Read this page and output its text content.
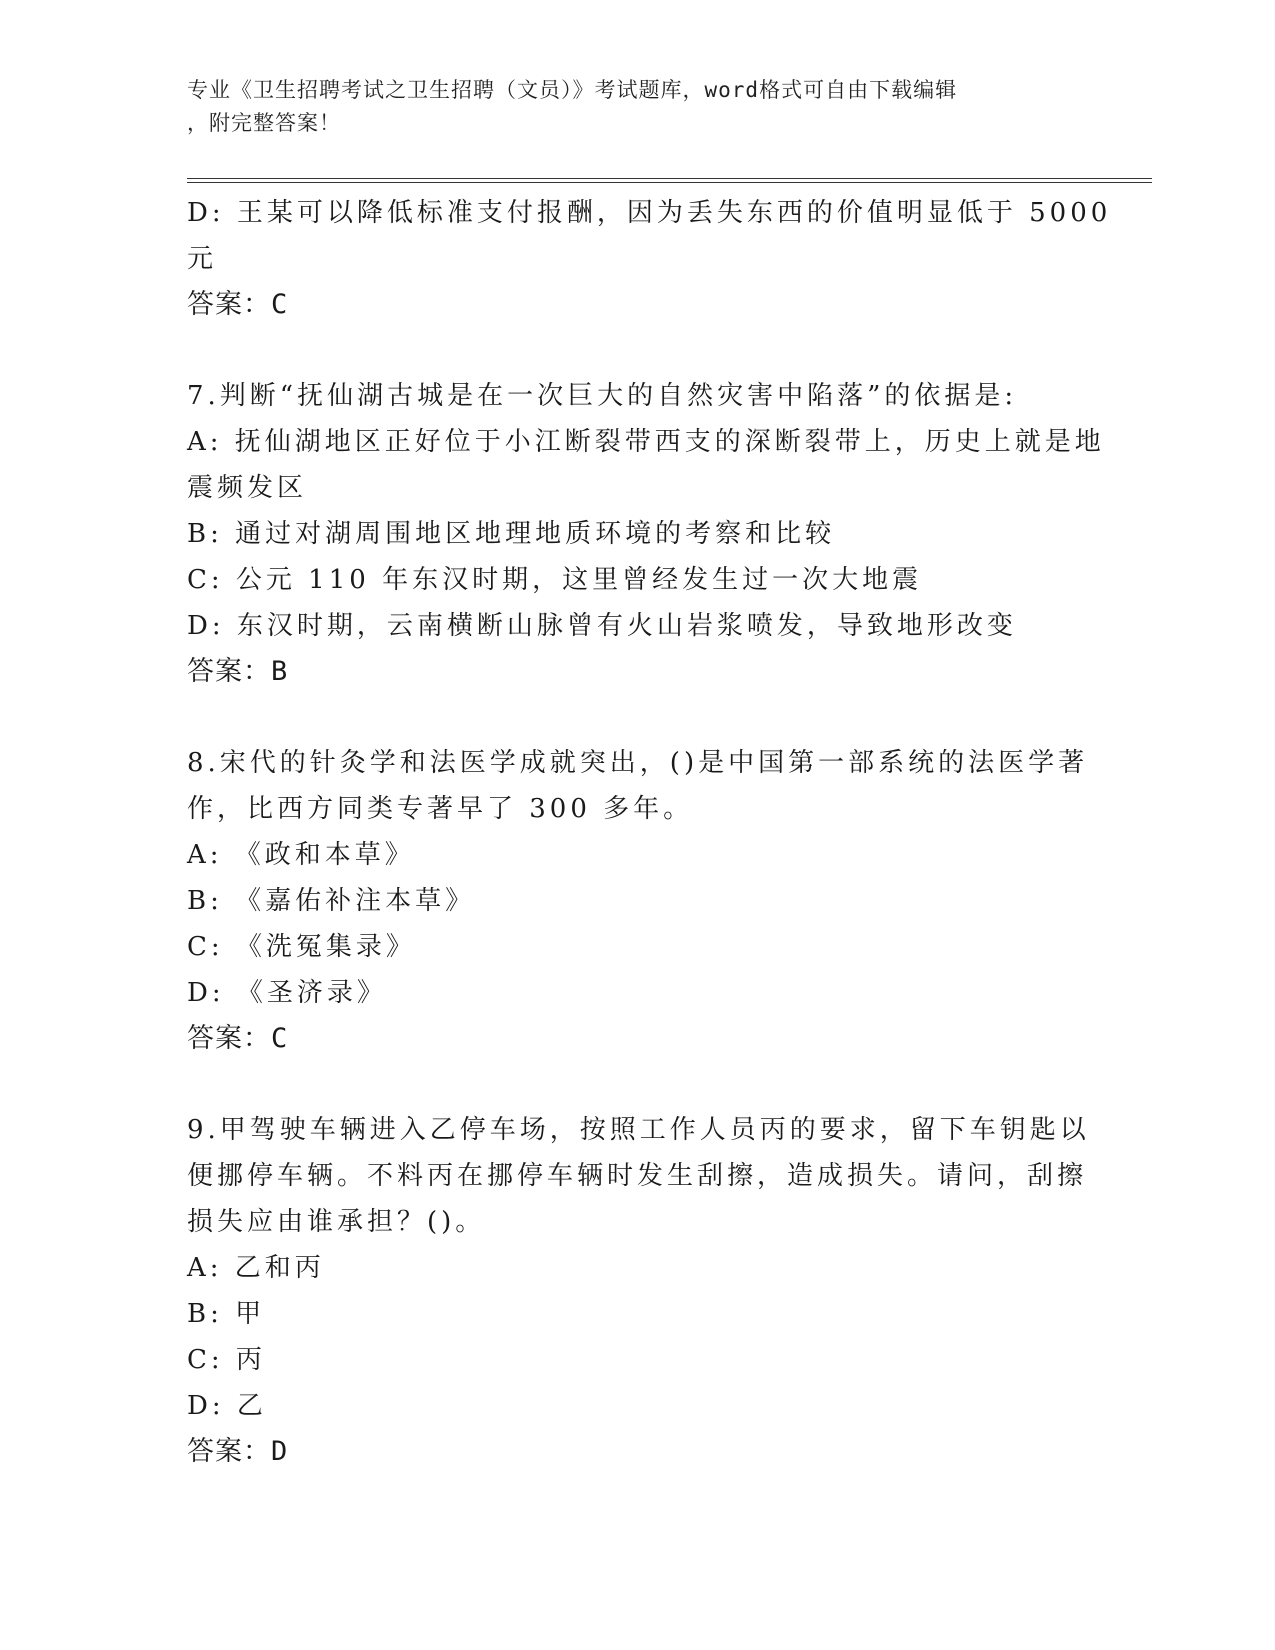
专业《卫生招聘考试之卫生招聘（文员）》考试题库，word格式可自由下载编辑
，附完整答案！
D: 王某可以降低标准支付报酬，因为丢失东西的价值明显低于 5000
元
答案：C
7.判断“抚仙湖古城是在一次巨大的自然灾害中陷落”的依据是:
A: 抚仙湖地区正好位于小江断裂带西支的深断裂带上，历史上就是地
震频发区
B: 通过对湖周围地区地理地质环境的考察和比较
C: 公元 110 年东汉时期，这里曾经发生过一次大地震
D: 东汉时期，云南横断山脉曾有火山岩浆喷发，导致地形改变
答案：B
8.宋代的针灸学和法医学成就突出，()是中国第一部系统的法医学著
作，比西方同类专著早了 300 多年。
A: 《政和本草》
B: 《嘉佑补注本草》
C: 《洗冤集录》
D: 《圣济录》
答案：C
9.甲驾驶车辆进入乙停车场，按照工作人员丙的要求，留下车钥匙以
便挪停车辆。不料丙在挪停车辆时发生刮擦，造成损失。请问，刮擦
损失应由谁承担？()。
A: 乙和丙
B: 甲
C: 丙
D: 乙
答案：D
